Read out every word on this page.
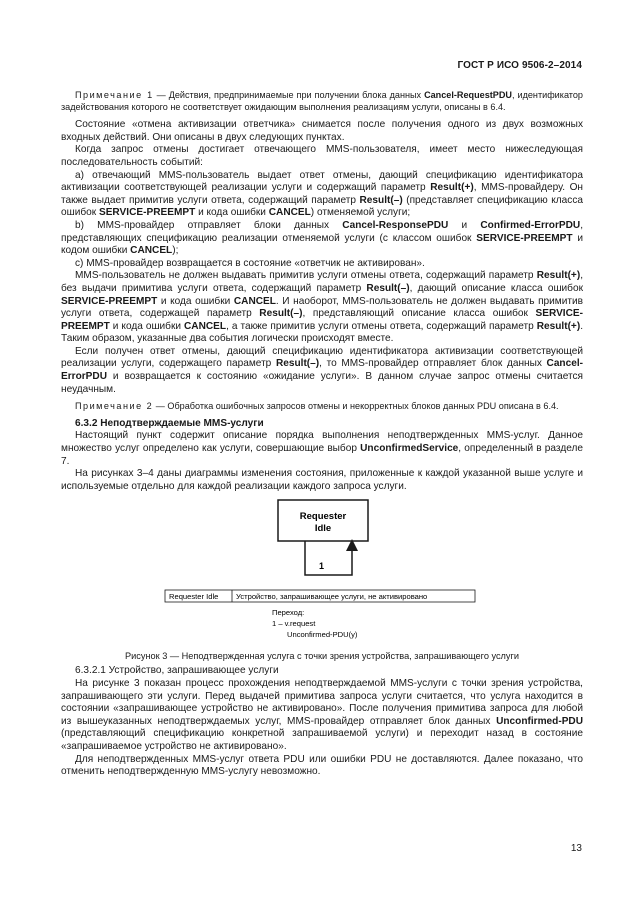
ГОСТ Р ИСО 9506-2–2014

Примечание 1 — Действия, предпринимаемые при получении блока данных Cancel-RequestPDU, идентификатор задействования которого не соответствует ожидающим выполнения реализациям услуги, описаны в 6.4.

Состояние «отмена активизации ответчика» снимается после получения одного из двух возможных входных действий. Они описаны в двух следующих пунктах.

Когда запрос отмены достигает отвечающего MMS-пользователя, имеет место нижеследующая последовательность событий:

a) отвечающий MMS-пользователь выдает ответ отмены, дающий спецификацию идентификатора активизации соответствующей реализации услуги и содержащий параметр Result(+), MMS-провайдеру. Он также выдает примитив услуги ответа, содержащий параметр Result(–) (представляет спецификацию класса ошибок SERVICE-PREEMPT и кода ошибки CANCEL) отменяемой услуги;

b) MMS-провайдер отправляет блоки данных Cancel-ResponsePDU и Confirmed-ErrorPDU, представляющих спецификацию реализации отменяемой услуги (с классом ошибок SERVICE-PREEMPT и кодом ошибки CANCEL);

c) MMS-провайдер возвращается в состояние «ответчик не активирован».

MMS-пользователь не должен выдавать примитив услуги отмены ответа, содержащий параметр Result(+), без выдачи примитива услуги ответа, содержащий параметр Result(–), дающий описание класса ошибок SERVICE-PREEMPT и кода ошибки CANCEL. И наоборот, MMS-пользователь не должен выдавать примитив услуги ответа, содержащей параметр Result(–), представляющий описание класса ошибок SERVICE-PREEMPT и кода ошибки CANCEL, а также примитив услуги отмены ответа, содержащий параметр Result(+). Таким образом, указанные два события логически происходят вместе.

Если получен ответ отмены, дающий спецификацию идентификатора активизации соответствующей реализации услуги, содержащего параметр Result(–), то MMS-провайдер отправляет блок данных Cancel-ErrorPDU и возвращается к состоянию «ожидание услуги». В данном случае запрос отмены считается неудачным.

Примечание 2 — Обработка ошибочных запросов отмены и некорректных блоков данных PDU описана в 6.4.

6.3.2 Неподтверждаемые MMS-услуги

Настоящий пункт содержит описание порядка выполнения неподтвержденных MMS-услуг. Данное множество услуг определено как услуги, совершающие выбор UnconfirmedService, определенный в разделе 7.

На рисунках 3–4 даны диаграммы изменения состояния, приложенные к каждой указанной выше услуге и используемые отдельно для каждой реализации каждого запроса услуги.

Requester
Idle
1
Requester Idle Устройство, запрашивающее услуги, не активировано
Переход:
1 – v.request
Unconfirmed-PDU(y)
Рисунок 3 — Неподтвержденная услуга с точки зрения устройства, запрашивающего услуги

6.3.2.1 Устройство, запрашивающее услуги

На рисунке 3 показан процесс прохождения неподтверждаемой MMS-услуги с точки зрения устройства, запрашивающего эти услуги. Перед выдачей примитива запроса услуги считается, что услуга находится в состоянии «запрашивающее устройство не активировано». После получения примитива запроса для любой из вышеуказанных неподтверждаемых услуг, MMS-провайдер отправляет блок данных Unconfirmed-PDU (представляющий спецификацию конкретной запрашиваемой услуги) и переходит назад в состояние «запрашиваемое устройство не активировано».

Для неподтвержденных MMS-услуг ответа PDU или ошибки PDU не доставляются. Далее показано, что отменить неподтвержденную MMS-услугу невозможно.

13
